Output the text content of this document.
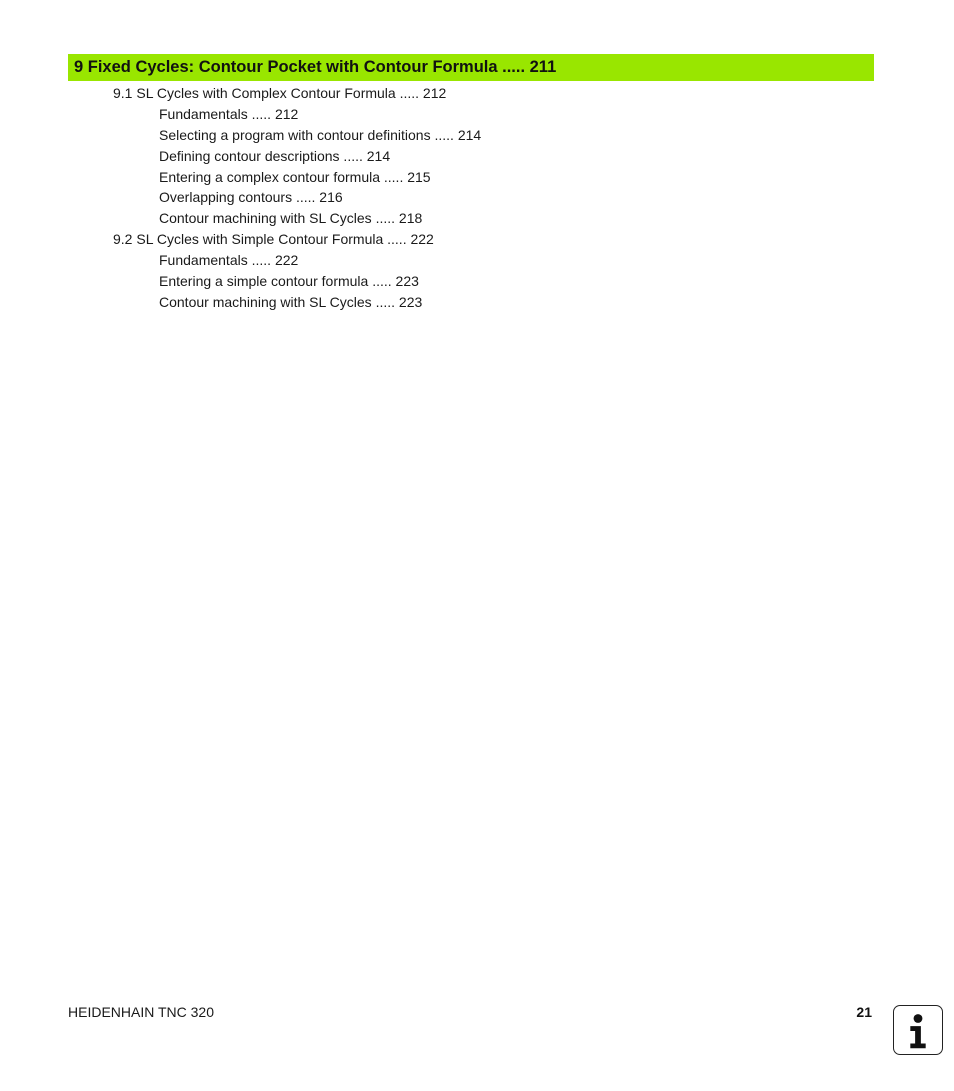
9 Fixed Cycles: Contour Pocket with Contour Formula ..... 211
9.1 SL Cycles with Complex Contour Formula ..... 212
Fundamentals ..... 212
Selecting a program with contour definitions ..... 214
Defining contour descriptions ..... 214
Entering a complex contour formula ..... 215
Overlapping contours ..... 216
Contour machining with SL Cycles ..... 218
9.2 SL Cycles with Simple Contour Formula ..... 222
Fundamentals ..... 222
Entering a simple contour formula ..... 223
Contour machining with SL Cycles ..... 223
HEIDENHAIN TNC 320	21
